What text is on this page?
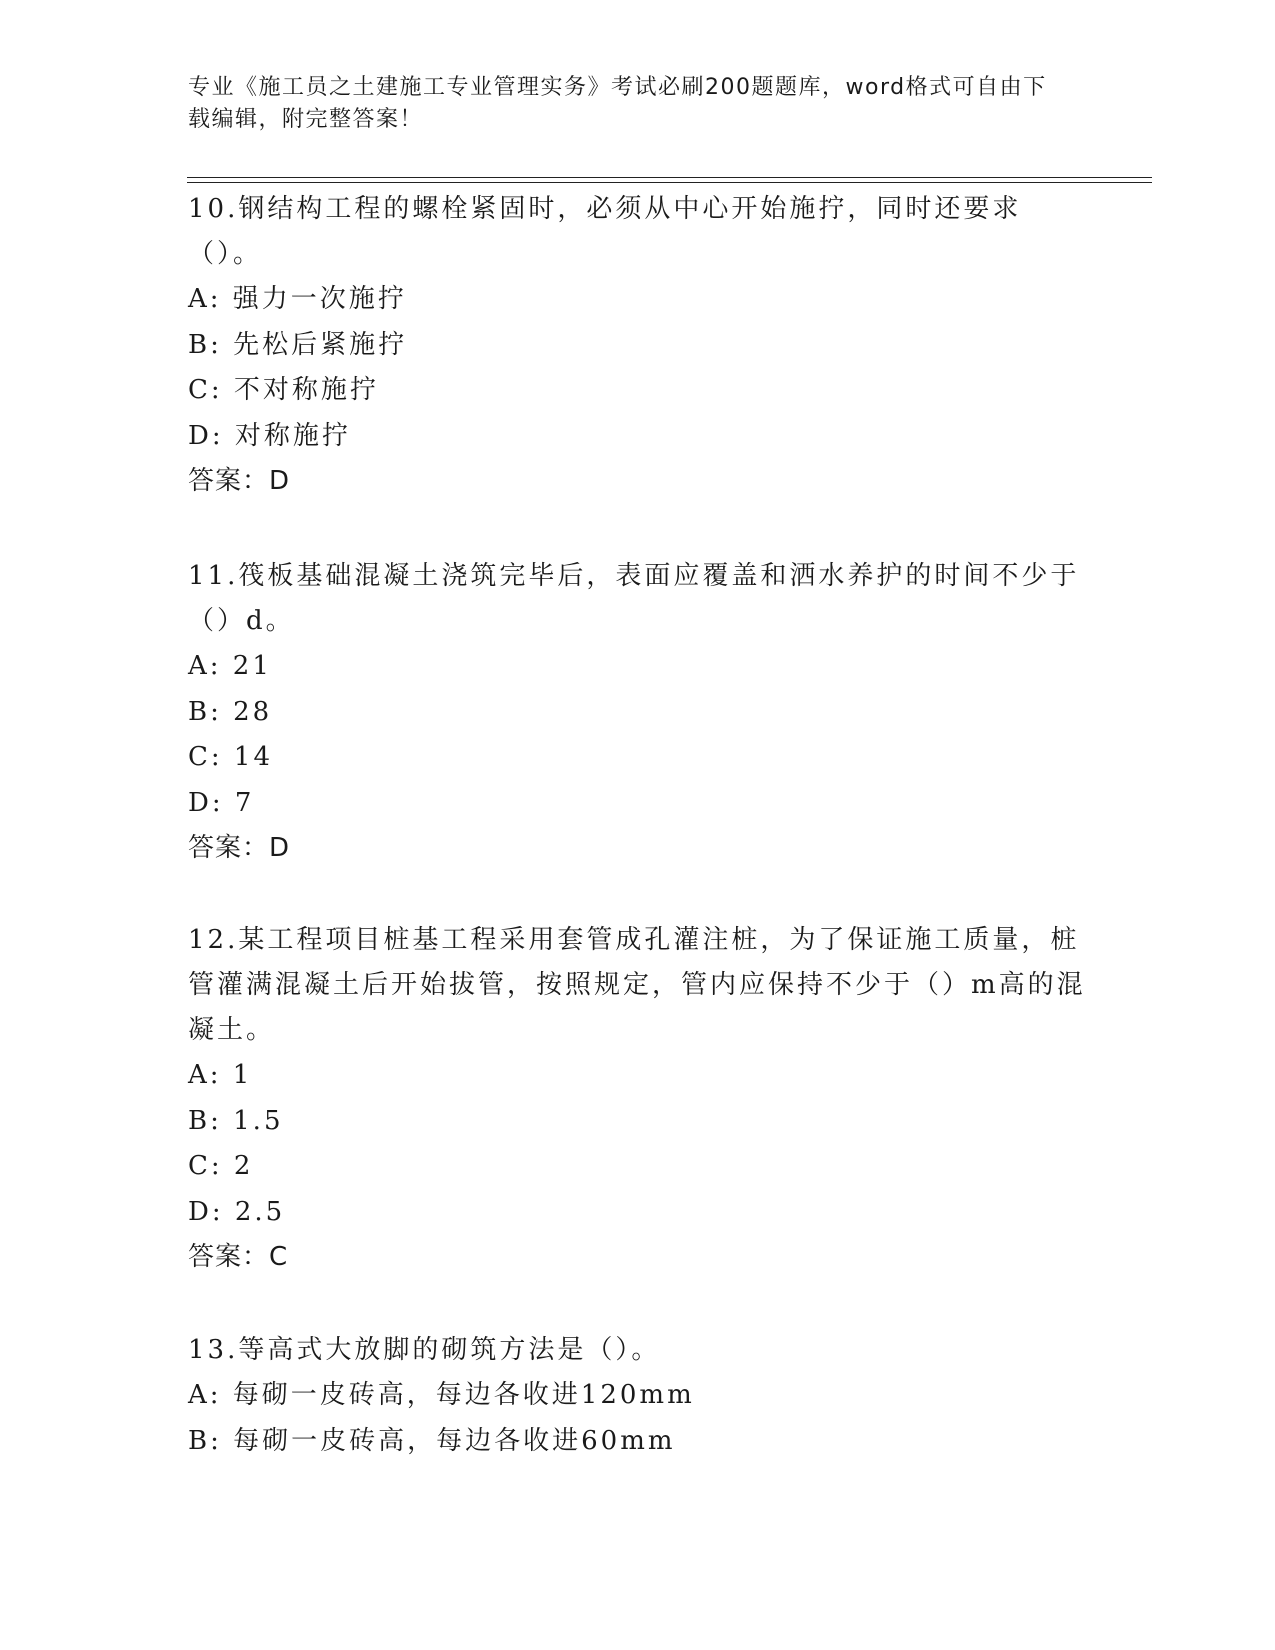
专业《施工员之土建施工专业管理实务》考试必刷200题题库，word格式可自由下载编辑，附完整答案！
10.钢结构工程的螺栓紧固时，必须从中心开始施拧，同时还要求（）。
A: 强力一次施拧
B: 先松后紧施拧
C: 不对称施拧
D: 对称施拧
答案：D
11.筏板基础混凝土浇筑完毕后，表面应覆盖和洒水养护的时间不少于（）d。
A: 21
B: 28
C: 14
D: 7
答案：D
12.某工程项目桩基工程采用套管成孔灌注桩，为了保证施工质量，桩管灌满混凝土后开始拔管，按照规定，管内应保持不少于（）m高的混凝土。
A: 1
B: 1.5
C: 2
D: 2.5
答案：C
13.等高式大放脚的砌筑方法是（）。
A: 每砌一皮砖高，每边各收进120mm
B: 每砌一皮砖高，每边各收进60mm
